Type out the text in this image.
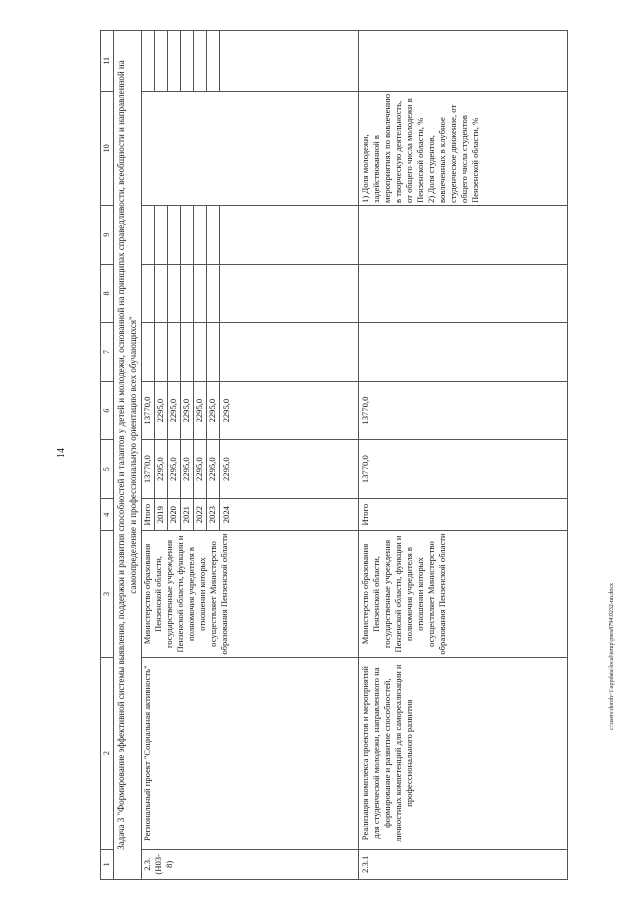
14
c:\users\doroh~1\appdata\local\temp\pnes8794\0232-nn.docx
1	2	3	4	5	6	7	8	9	10	11
Задача 3 "Формирование эффективной системы выявления, поддержки и развития способностей и талантов у детей и молодежи, основанной на принципах справедливости, всеобщности и направленной на самоопределение и профессиональную ориентацию всех обучающихся"										
2.3.
(Н03-8)	Региональный проект "Социальная активность"	Министерство образования Пензенской области, государственные учреждения Пензенской области, функции и полномочия учредителя в отношении которых осуществляет Министерство образования Пензенской области	Итого	13770,0	13770,0					
			2019	2295,0	2295,0					
			2020	2295,0	2295,0					
			2021	2295,0	2295,0					
			2022	2295,0	2295,0					
			2023	2295,0	2295,0					
			2024	2295,0	2295,0					
2.3.1	Реализация комплекса проектов и мероприятий для студенческой молодежи, направленного на формирование и развитие способностей, личностных компетенций для самореализации и профессионального развития	Министерство образования Пензенской области, государственные учреждения Пензенской области, функции и полномочия учредителя в отношении которых осуществляет Министерство образования Пензенской области	Итого	13770,0	13770,0				1) Доля молодежи, задействованной в мероприятиях по вовлечению в творческую деятельность, от общего числа молодежи в Пензенской области, %
2) Доля студентов, вовлеченных в клубное студенческое движение, от общего числа студентов Пензенской области, %	
